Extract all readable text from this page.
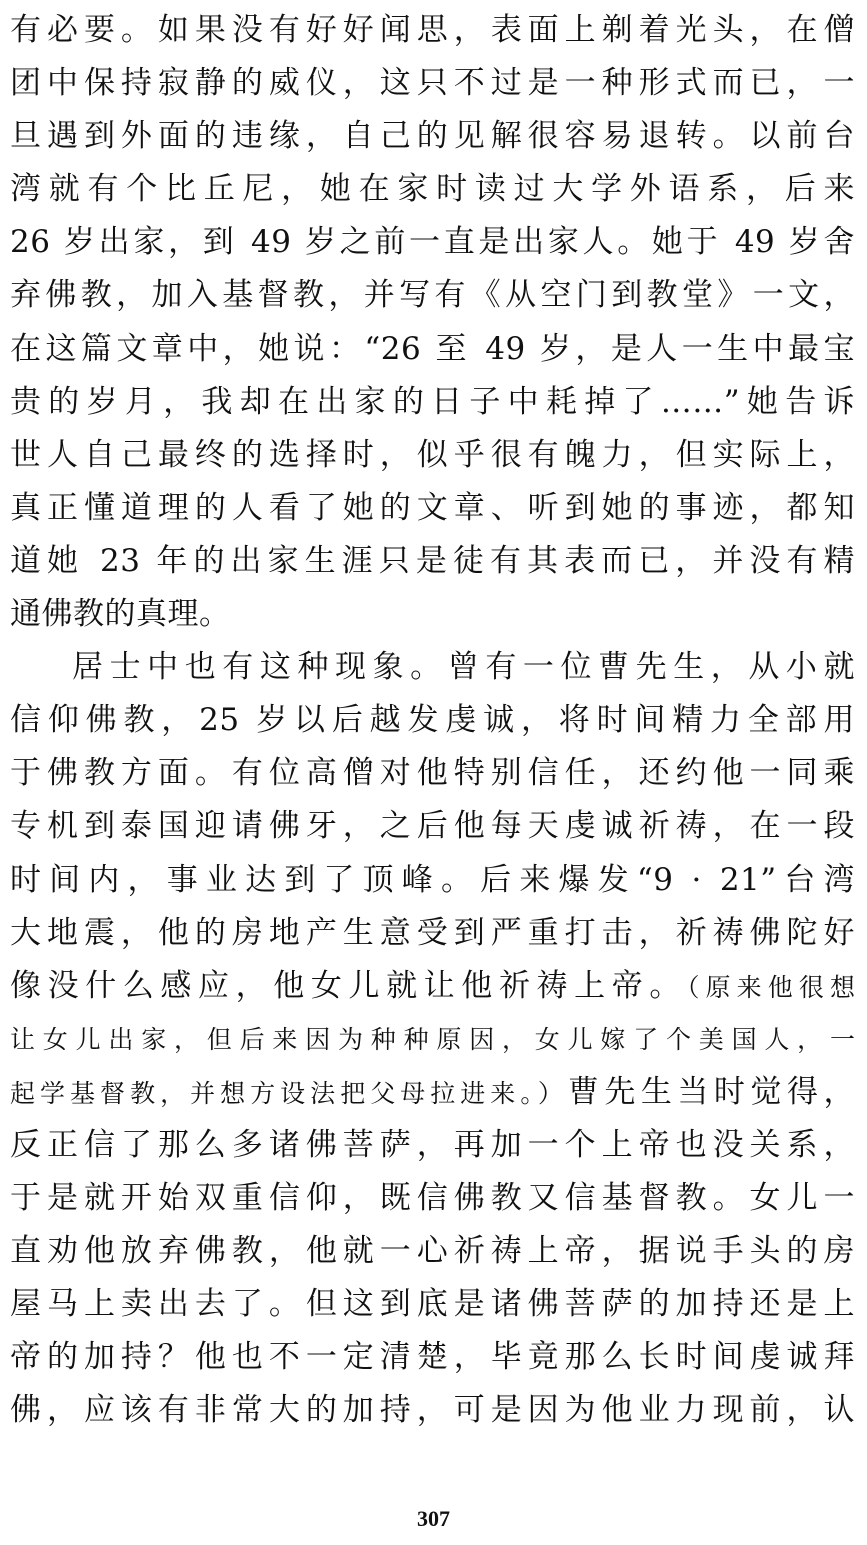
有必要。如果没有好好闻思，表面上剃着光头，在僧
团中保持寂静的威仪，这只不过是一种形式而已，一
旦遇到外面的违缘，自己的见解很容易退转。以前台
湾就有个比丘尼，她在家时读过大学外语系，后来
26 岁出家，到 49 岁之前一直是出家人。她于 49 岁舍
弃佛教，加入基督教，并写有《从空门到教堂》一文，
在这篇文章中，她说：“26 至 49 岁，是人一生中最宝
贵的岁月，我却在出家的日子中耗掉了……”她告诉
世人自己最终的选择时，似乎很有魄力，但实际上，
真正懂道理的人看了她的文章、听到她的事迹，都知
道她 23 年的出家生涯只是徒有其表而已，并没有精
通佛教的真理。
居士中也有这种现象。曾有一位曹先生，从小就
信仰佛教，25 岁以后越发虔诚，将时间精力全部用
于佛教方面。有位高僧对他特别信任，还约他一同乘
专机到泰国迎请佛牙，之后他每天虔诚祈祷，在一段
时间内，事业达到了顶峰。后来爆发“9 · 21”台湾
大地震，他的房地产生意受到严重打击，祈祷佛陀好
像没什么感应，他女儿就让他祈祷上帝。（原来他很想
让女儿出家，但后来因为种种原因，女儿嫁了个美国人，一
起学基督教，并想方设法把父母拉进来。）曹先生当时觉得，
反正信了那么多诸佛菩萨，再加一个上帝也没关系，
于是就开始双重信仰，既信佛教又信基督教。女儿一
直劝他放弃佛教，他就一心祈祷上帝，据说手头的房
屋马上卖出去了。但这到底是诸佛菩萨的加持还是上
帝的加持？他也不一定清楚，毕竟那么长时间虔诚拜
佛，应该有非常大的加持，可是因为他业力现前，认
307
